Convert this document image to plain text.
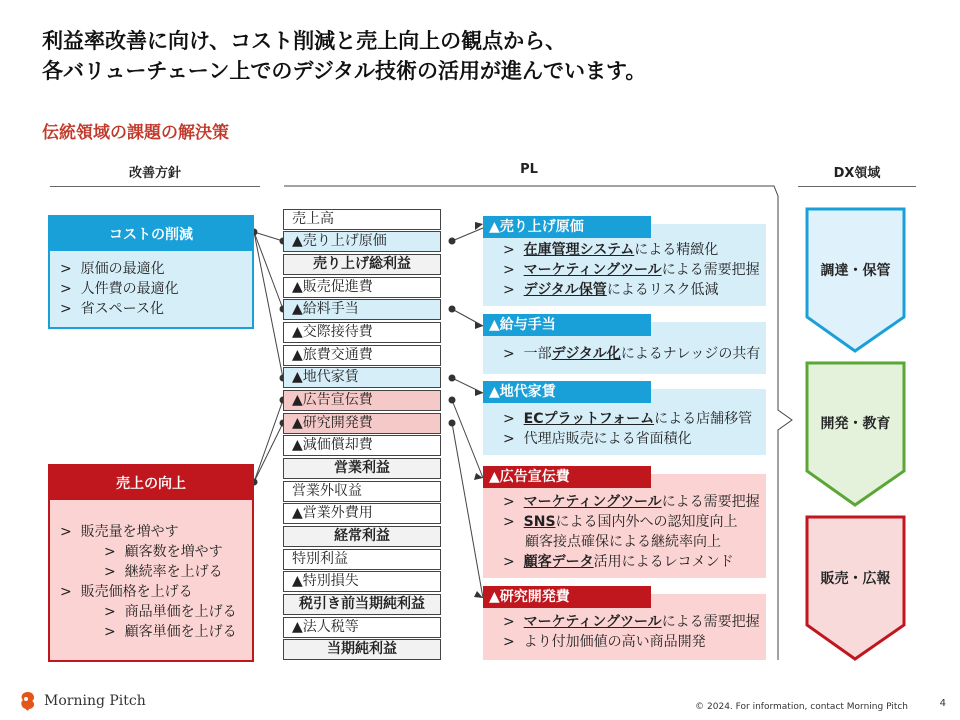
利益率改善に向け、コスト削減と売上向上の観点から、
各バリューチェーン上でのデジタル技術の活用が進んでいます。
伝統領域の課題の解決策
改善方針	PL	DX領域
コストの削減
>  原価の最適化
>  人件費の最適化
>  省スペース化
売上の向上
>  販売量を増やす
>  顧客数を増やす
>  継続率を上げる
>  販売価格を上げる
>  商品単価を上げる
>  顧客単価を上げる
売上高
▲売り上げ原価
売り上げ総利益
▲販売促進費
▲給料手当
▲交際接待費
▲旅費交通費
▲地代家賃
▲広告宣伝費
▲研究開発費
▲減価償却費
営業利益
営業外収益
▲営業外費用
経常利益
特別利益
▲特別損失
税引き前当期純利益
▲法人税等
当期純利益
▲売り上げ原価
>  在庫管理システムによる精緻化
>  マーケティングツールによる需要把握
>  デジタル保管によるリスク低減
▲給与手当
>  一部デジタル化によるナレッジの共有
▲地代家賃
>  ECプラットフォームによる店舗移管
>  代理店販売による省面積化
▲広告宣伝費
>  マーケティングツールによる需要把握
>  SNSによる国内外への認知度向上
顧客接点確保による継続率向上
>  顧客データ活用によるレコメンド
▲研究開発費
>  マーケティングツールによる需要把握
>  より付加価値の高い商品開発
調達・保管
開発・教育
販売・広報
Morning Pitch	© 2024. For information, contact Morning Pitch	4
